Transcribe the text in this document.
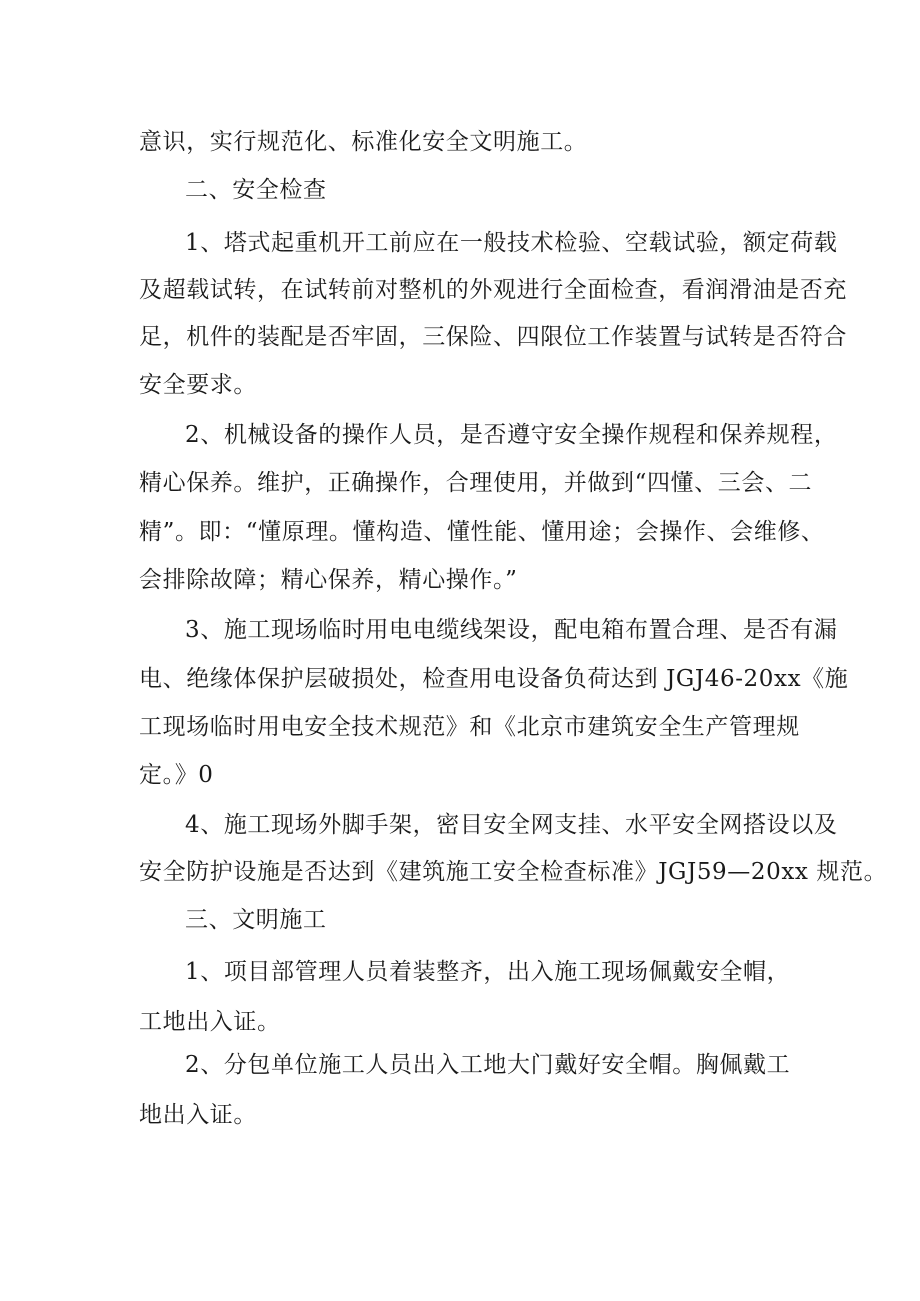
意识，实行规范化、标准化安全文明施工。
二、安全检查
1、塔式起重机开工前应在一般技术检验、空载试验，额定荷载
及超载试转，在试转前对整机的外观进行全面检查，看润滑油是否充
足，机件的装配是否牢固，三保险、四限位工作装置与试转是否符合
安全要求。
2、机械设备的操作人员，是否遵守安全操作规程和保养规程，
精心保养。维护，正确操作，合理使用，并做到“四懂、三会、二
精”。即：“懂原理。懂构造、懂性能、懂用途；会操作、会维修、
会排除故障；精心保养，精心操作。”
3、施工现场临时用电电缆线架设，配电箱布置合理、是否有漏
电、绝缘体保护层破损处，检查用电设备负荷达到 JGJ46-20xx《施
工现场临时用电安全技术规范》和《北京市建筑安全生产管理规
定。》0
4、施工现场外脚手架，密目安全网支挂、水平安全网搭设以及
安全防护设施是否达到《建筑施工安全检查标准》JGJ59—20xx 规范。
三、文明施工
1、项目部管理人员着装整齐，出入施工现场佩戴安全帽，
工地出入证。
2、分包单位施工人员出入工地大门戴好安全帽。胸佩戴工
地出入证。
